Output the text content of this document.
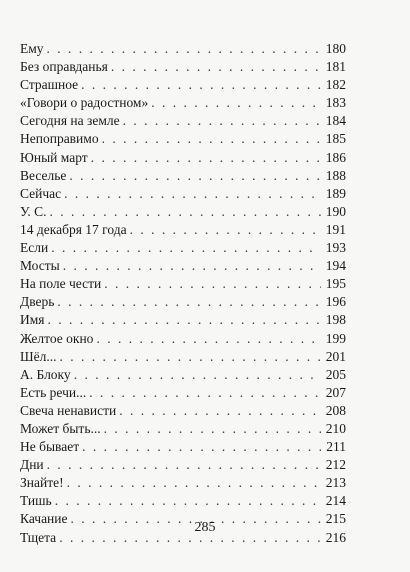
Ему . . .	180
Без оправданья . . .	181
Страшное . . .	182
«Говори о радостном» . . .	183
Сегодня на земле . . .	184
Непоправимо . . .	185
Юный март . . .	186
Веселье . . .	188
Сейчас . . .	189
У. С. . . .	190
14 декабря 17 года . . .	191
Если . . .	193
Мосты . . .	194
На поле чести . . .	195
Дверь . . .	196
Имя . . .	198
Желтое окно . . .	199
Шёл... . . .	201
А. Блоку . . .	205
Есть речи... . . .	207
Свеча ненависти . . .	208
Может быть... . . .	210
Не бывает . . .	211
Дни . . .	212
Знайте! . . .	213
Тишь . . .	214
Качание . . .	215
Тщета . . .	216
285
